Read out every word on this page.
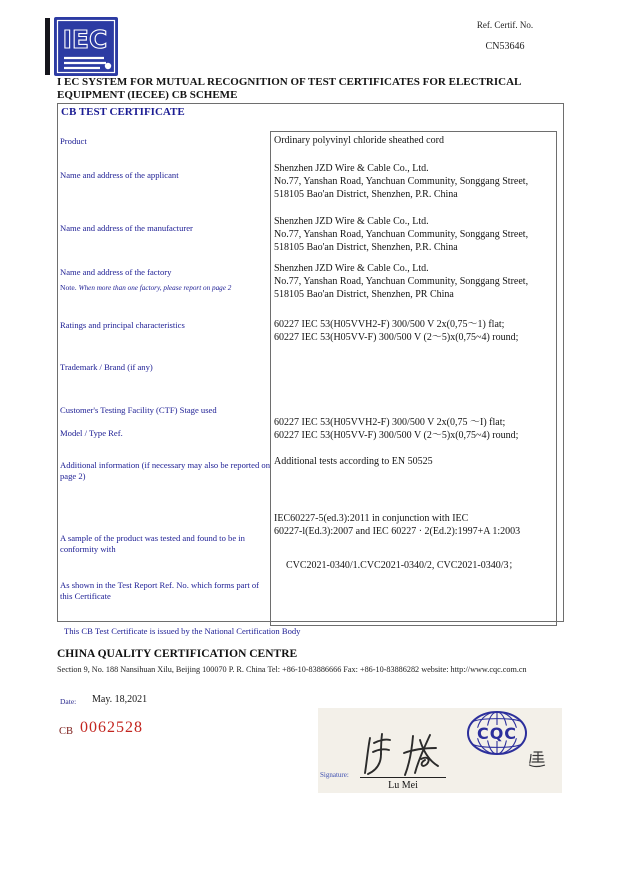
IEC	Ref. Certif. No.
CN53646
I EC SYSTEM FOR MUTUAL RECOGNITION OF TEST CERTIFICATES FOR ELECTRICAL EQUIPMENT (IECEE) CB SCHEME
CB TEST CERTIFICATE
Product
Name and address of the applicant
Name and address of the manufacturer
Name and address of the factory
Note. When more than one factory, please report on page 2
Ratings and principal characteristics
Trademark / Brand (if any)
Customer's Testing Facility (CTF) Stage used
Model / Type Ref.
Additional information (if necessary may also be reported on page 2)
A sample of the product was tested and found to be in conformity with
As shown in the Test Report Ref. No. which forms part of this Certificate
Ordinary polyvinyl chloride sheathed cord
Shenzhen JZD Wire & Cable Co., Ltd.
No.77, Yanshan Road, Yanchuan Community, Songgang Street,
518105 Bao'an District, Shenzhen, P.R. China
Shenzhen JZD Wire & Cable Co., Ltd.
No.77, Yanshan Road, Yanchuan Community, Songgang Street,
518105 Bao'an District, Shenzhen, P.R. China
Shenzhen JZD Wire & Cable Co., Ltd.
No.77, Yanshan Road, Yanchuan Community, Songgang Street,
518105 Bao'an District, Shenzhen, PR China
60227 IEC 53(H05VVH2-F) 300/500 V 2x(0,75〜1) flat;
60227 IEC 53(H05VV-F) 300/500 V (2〜5)x(0,75~4) round;
60227 IEC 53(H05VVH2-F) 300/500 V 2x(0,75 〜I) flat;
60227 IEC 53(H05VV-F) 300/500 V (2〜5)x(0,75~4) round;
Additional tests according to EN 50525
IEC60227-5(ed.3):2011 in conjunction with IEC
60227-l(Ed.3):2007 and IEC 60227 · 2(Ed.2):1997+A 1:2003
CVC2021-0340/1.CVC2021-0340/2, CVC2021-0340/3；
This CB Test Certificate is issued by the National Certification Body
CHINA QUALITY CERTIFICATION CENTRE
Section 9, No. 188 Nansihuan Xilu, Beijing 100070 P. R. China Tel: +86-10-83886666 Fax: +86-10-83886282 website: http://www.cqc.com.cn
Date: May. 18,2021
CB 0062528
Signature:
Lu Mei
CQC
